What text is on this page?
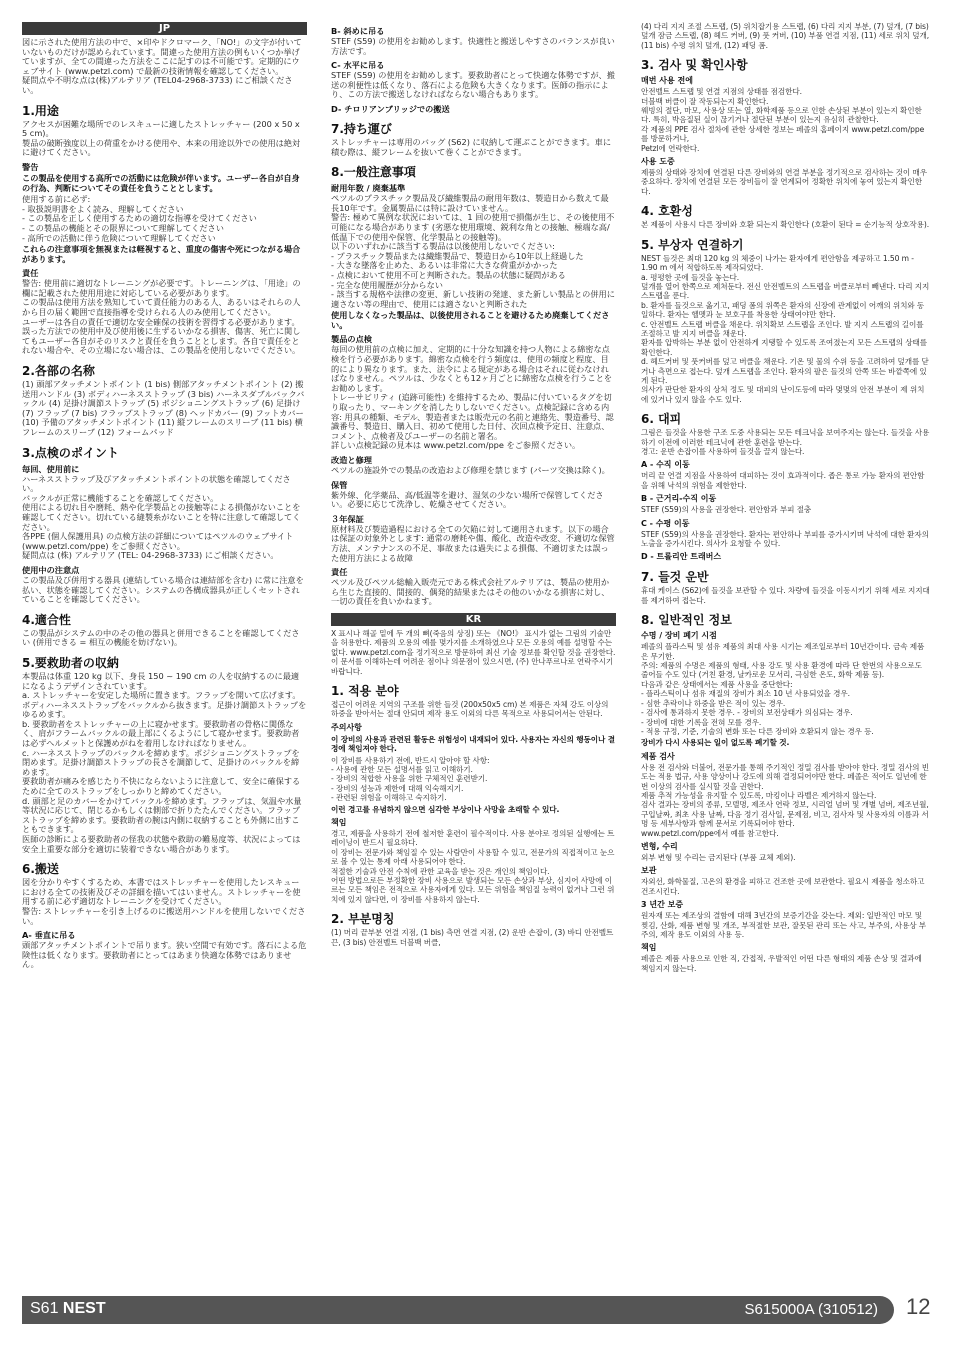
JP
図に示された使用方法の中で、×印やドクロマーク、「NO!」の文字が付いていないものだけが認められています。間違った使用方法の例もいくつか挙げていますが、全ての間違った方法をここに記すのは不可能です。定期的にウェブサイト (www.petzl.com) で最新の技術情報を確認してください。
疑問点や不明な点は(株)アルテリア (TEL04-2968-3733) にご相談ください。
1.用途
アクセスが困難な場所でのレスキューに適したストレッチャー (200 x 50 x 5 cm)。
製品の破断強度以上の荷重をかける使用や、本来の用途以外での使用は絶対に避けてください。
警告
この製品を使用する高所での活動には危険が伴います。ユーザー各自が自身の行為、判断についてその責任を負うこととします。
使用する前に必ず:
- 取扱説明書をよく読み、理解してください
- この製品を正しく使用するための適切な指導を受けてください
- この製品の機能とその限界について理解してください
- 高所での活動に伴う危険について理解してください
これらの注意事項を無視または軽視すると、重度の傷害や死につながる場合があります。
責任
警告: 使用前に適切なトレーニングが必要です。トレーニングは、「用途」の欄に記載された使用用途に対応している必要があります。
この製品は使用方法を熟知していて責任能力のある人、あるいはそれらの人から目の届く範囲で直接指導を受けられる人のみ使用してください。
ユーザーは各自の責任で適切な安全確保の技術を習得する必要があります。
誤った方法での使用中及び使用後に生ずるいかなる損害、傷害、死亡に関してもユーザー各自がそのリスクと責任を負うこととします。各自で責任をとれない場合や、その立場にない場合は、この製品を使用しないでください。
2.各部の名称
(1) 頭部アタッチメントポイント (1 bis) 側部アタッチメントポイント (2) 搬送用ハンドル (3) ボディハーネスストラップ (3 bis) ハーネスダブルバックバックル (4) 足掛け調節ストラップ (5) ポジショニングストラップ (6) 足掛け (7) フラップ (7 bis) フラップストラップ (8) ヘッドカバー (9) フットカバー (10) 予備のアタッチメントポイント (11) 縦フレームのスリーブ (11 bis) 横フレームのスリーブ (12) フォームパッド
3.点検のポイント
毎回、使用前に
ハーネスストラップ及びアタッチメントポイントの状態を確認してください。
バックルが正常に機能することを確認してください。
使用による切れ目や磨耗、熱や化学製品との接触等による損傷がないことを確認してください。切れている縫製糸がないことを特に注意して確認してください。
各PPE (個人保護用具) の点検方法の詳細についてはペツルのウェブサイト (www.petzl.com/ppe) をご参照ください。
疑問点は (株) アルテリア (TEL: 04-2968-3733) にご相談ください。
使用中の注意点
この製品及び併用する器具 (連結している場合は連結部を含む) に常に注意を払い、状態を確認してください。システムの各構成器具が正しくセットされていることを確認してください。
4.適合性
この製品がシステムの中のその他の器具と併用できることを確認してください (併用できる = 相互の機能を妨げない)。
5.要救助者の収納
本製品は体重 120 kg 以下、身長 150 ~ 190 cm の人を収納するのに最適になるようデザインされています。
a. ストレッチャーを安定した場所に置きます。フラップを開いて広げます。ボディハーネスストラップをバックルから抜きます。足掛け調節ストラップをゆるめます。
b. 要救助者をストレッチャーの上に寝かせます。要救助者の骨格に関係なく、肩がフラームバックルの最上部にくるようにして寝かせます。要救助者は必ずヘルメットと保護めがねを着用しなければなりません。
c. ハーネスストラップのバックルを締めます。ポジショニングストラップを閉めます。足掛け調節ストラップの長さを調節して、足掛けのバックルを締めます。
要救助者が痛みを感じたり不快にならないように注意して、安全に確保するために全てのストラップをしっかりと締めてください。
d. 頭部と足のカバーをかけてバックルを締めます。フラップは、気温や水量等状況に応じて、閉じるかもしくは側部で折りたたんでください。フラップストラップを締めます。要救助者の腕は内側に収納することも外側に出すこともできます。
医師の診断による要救助者の怪我の状態や救助の難易度等、状況によっては安全上重要な部分を適切に装着できない場合があります。
6.搬送
図を分かりやすくするため、本書ではストレッチャーを使用したレスキューにおける全ての技術及びその詳細を描いてはいません。ストレッチャーを使用する前に必ず適切なトレーニングを受けてください。
警告: ストレッチャーを引き上げるのに搬送用ハンドルを使用しないでください。
A- 垂直に吊る
頭部アタッチメントポイントで吊ります。狭い空間で有効です。落石による危険性は低くなります。要救助者にとってはあまり快適な体勢ではありません。
B- 斜めに吊る
STEF (S59) の使用をお勧めします。快適性と搬送しやすさのバランスが良い方法です。
C- 水平に吊る
STEF (S59) の使用をお勧めします。要救助者にとって快適な体勢ですが、搬送の利便性は低くなり、落石による危険も大きくなります。医師の指示により、この方法で搬送しなければならない場合もあります。
D- チロリアンブリッジでの搬送
7.持ち運び
ストレッチャーは専用のバッグ (S62) に収納して運ぶことができます。車に積む際は、縦フレームを抜いて巻くことができます。
8.一般注意事項
耐用年数 / 廃棄基準
ペツルのプラスチック製品及び繊維製品の耐用年数は、製造日から数えて最長10年です。金属製品には特に設けていません。
警告: 極めて異例な状況においては、1 回の使用で損傷が生じ、その後使用不可能になる場合があります (劣悪な使用環境、鋭利な角との接触、極端な高/低温下での使用や保管、化学製品との接触等)。
以下のいずれかに該当する製品は以後使用しないでください:
- プラスチック製品または繊維製品で、製造日から10年以上経過した
- 大きな墜落を止めた、あるいは非常に大きな荷重がかかった
- 点検において使用不可と判断された。製品の状態に疑問がある
- 完全な使用履歴が分からない
- 該当する規格や法律の変更、新しい技術の発達、また新しい製品との併用に適さない等の理由で、使用には適さないと判断された
使用しなくなった製品は、以後使用されることを避けるため廃棄してください。
製品の点検
毎回の使用前の点検に加え、定期的に十分な知識を持つ人物による綿密な点検を行う必要があります。綿密な点検を行う頻度は、使用の頻度と程度、目的により異なります。また、法令による規定がある場合はそれに従わなければなりません。ペツルは、少なくとも12ヶ月ごとに綿密な点検を行うことをお勧めします。
トレーサビリティ (追跡可能性) を維持するため、製品に付いているタグを切り取ったり、マーキングを消したりしないでください。点検記録に含める内容: 用具の種類、モデル、製造者または販売元の名前と連絡先、製造番号、認識番号、製造日、購入日、初めて使用した日付、次回点検予定日、注意点、コメント、点検者及びユーザーの名前と署名。
詳しい点検記録の見本は www.petzl.com/ppe をご参照ください。
改造と修理
ペツルの施設外での製品の改造および修理を禁じます (パーツ交換は除く)。
保管
紫外線、化学薬品、高/低温等を避け、湿気の少ない場所で保管してください。必要に応じて洗浄し、乾燥させてください。
３年保証
原材料及び製造過程における全ての欠陥に対して適用されます。以下の場合は保証の対象外とします: 通常の磨耗や傷、酸化、改造や改変、不適切な保管方法、メンテナンスの不足、事故または過失による損傷、不適切または誤った使用方法による故障
責任
ペツル及びペツル総輸入販売元である株式会社アルテリアは、製品の使用から生じた直接的、間接的、偶発的結果またはその他のいかなる損害に対し、一切の責任を負いかねます。
KR
X 표시나 해골 밑에 두 개의 뼈(죽음의 상징) 또는 《NO!》 표시가 없는 그림의 기술만을 허용한다. 제품의 오용의 예를 몇가지를 소개하였으나 모든 오용의 예를 설명할 수는 없다. www.petzl.com을 정기적으로 방문하여 최신 기술 정보를 확인할 것을 권장한다.
이 문서를 이해하는데 어려운 점이나 의문점이 있으시면, (주) 안나푸르나로 연락주시기 바랍니다.
1. 적용 분야
접근이 어려운 지역의 구조를 위한 들것 (200x50x5 cm) 본 제품은 자체 강도 이상의 하중을 받아서는 절대 안되며 제작 용도 이외의 다른 목적으로 사용되어서는 안된다.
주의사항
이 장비의 사용과 관련된 활동은 위험성이 내재되어 있다. 사용자는 자신의 행동이나 결정에 책임져야 한다.
이 장비를 사용하기 전에, 반드시 알아야 할 사항:
- 사용에 관한 모든 설명서를 읽고 이해하기.
- 장비의 적합한 사용을 위한 구체적인 훈련받기.
- 장비의 성능과 제한에 대해 익숙해지기.
- 관련된 위험을 이해하고 숙지하기.
이런 경고를 유념하지 않으면 심각한 부상이나 사망을 초래할 수 있다.
책임
경고, 제품을 사용하기 전에 철저한 훈련이 필수적이다. 사용 분야로 정의된 실행에는 트레이닝이 반드시 필요하다.
이 장비는 전문가와 책임질 수 있는 사람만이 사용할 수 있고, 전문가의 직접적이고 눈으로 볼 수 있는 통제 아래 사용되어야 한다.
적절한 기술과 안전 수칙에 관한 교육을 받는 것은 개인의 책임이다.
어떤 방법으로든 부정확한 장비 사용으로 발생되는 모든 손상과 부상, 심지어 사망에 이르는 모든 책임은 전적으로 사용자에게 있다. 모든 위험을 책임질 능력이 없거나 그런 위치에 있지 않다면, 이 장비를 사용하지 않는다.
2. 부분명칭
(1) 머리 끝부분 연결 지점, (1 bis) 측면 연결 지점, (2) 운반 손잡이, (3) 바디 안전벨트 끈, (3 bis) 안전벨트 더블백 버클,
(4) 다리 지지 조절 스트랩, (5) 위치잡기용 스트랩, (6) 다리 지지 부분, (7) 덮개, (7 bis) 덮개 잠금 스트랩, (8) 헤드 커버, (9) 풋 커버, (10) 부품 연결 지점, (11) 세로 위치 덮개, (11 bis) 수평 위치 덮개, (12) 패딩 폼.
3. 검사 및 확인사항
매번 사용 전에
안전벨트 스트랩 및 연결 지점의 상태를 점검한다.
더블백 버클이 잘 작동되는지 확인한다.
웨빙의 절단, 마모, 사용상 또는 열, 화학제품 등으로 인한 손상된 부분이 있는지 확인한다. 특히, 박음질된 실이 끊기거나 절단된 부분이 있는지 유심히 관찰한다.
각 제품의 PPE 검사 절차에 관한 상세한 정보는 페졸의 홈페이지 www.petzl.com/ppe를 방문하거나,
Petzl에 연락한다.
사용 도중
제품의 상태와 장치에 연결된 다른 장비와의 연결 부분을 정기적으로 검사하는 것이 매우 중요하다. 장치에 연결된 모든 장비들이 잘 연계되어 정확한 위치에 놓여 있는지 확인한다.
4. 호환성
본 제품이 사용시 다른 장비와 호환 되는지 확인한다 (호환이 된다 = 순기능적 상호작용).
5. 부상자 연결하기
NEST 들것은 최대 120 kg 의 체중이 나가는 환자에게 편안함을 제공하고 1.50 m - 1.90 m 에서 적합하도록 제작되었다.
a. 평평한 곳에 들것을 놓는다.
덮개를 열어 한쪽으로 제쳐둔다. 전신 안전벨트의 스트랩을 버클로부터 빼낸다. 다리 지지 스트랩을 푼다.
b. 환자를 들것으로 옮기고, 패딩 폼의 위쪽은 환자의 신장에 관계없이 어깨의 위치와 동일하다. 환자는 헬멧과 눈 보호구를 착용한 상태여야만 한다.
c. 안전벨트 스트랩 버클을 채운다. 위치확보 스트랩을 조인다. 발 지지 스트랩의 길이를 조절하고 발 지지 버클을 채운다.
환자를 압박하는 부분 없이 안전하게 지탱할 수 있도록 조여졌는지 모든 스트랩의 상태를 확인한다.
d. 헤드커버 및 풋커버를 덮고 버클을 채운다. 기온 및 물의 수위 등을 고려하여 덮개를 닫거나 측면으로 접는다. 덮개 스트랩을 조인다. 환자의 팔은 들것의 안쪽 또는 바깥쪽에 있게 된다.
의사가 판단한 환자의 상처 정도 및 대피의 난이도등에 따라 몇몇의 안전 부분이 제 위치에 있거나 있지 않을 수도 있다.
6. 대피
그림은 들것을 사용한 구조 도중 사용되는 모든 테크닉을 보여주지는 않는다. 들것을 사용하기 이전에 이러한 테크닉에 관한 훈련을 받는다.
경고: 운반 손잡이를 사용하여 들것을 끌지 않는다.
A - 수직 이동
머리 끝 연결 지점을 사용하여 대피하는 것이 효과적이다. 좁은 통로 가능 환자의 편안함을 위해 낙석의 위험을 제한한다.
B - 근거리-수직 이동
STEF (S59)의 사용을 권장한다. 편안함과 부피 절충
C - 수평 이동
STEF (S59)의 사용을 권장한다. 환자는 편안하나 부피를 증가시키며 낙석에 대한 환자의 노출을 증가시킨다. 의사가 요청할 수 있다.
D - 트롤리안 트래버스
7. 들것 운반
휴대 케이스 (S62)에 들것을 보관할 수 있다. 차량에 들것을 이동시키기 위해 세로 지지대를 제거하여 접는다.
8. 일반적인 정보
수명 / 장비 폐기 시점
페졸의 플라스틱 및 섬유 제품의 최대 사용 시기는 제조일로부터 10년간이다. 금속 제품은 무기한.
주의: 제품의 수명은 제품의 형태, 사용 강도 및 사용 환경에 따라 단 한번의 사용으로도 줄어들 수도 있다 (거친 환경, 날카로운 모서리, 극심한 온도, 화학 제품 등).
다음과 같은 상태에서는 제품 사용을 중단한다:
- 플라스틱이나 섬유 재질의 장비가 최소 10 년 사용되었을 경우.
- 심한 추락이나 하중을 받은 적이 있는 경우.
- 검사에 통과하지 못한 경우. - 장비의 보전상태가 의심되는 경우.
- 장비에 대한 기록을 전혀 모를 경우.
- 적용 규정, 기준, 기술의 변화 또는 다른 장비와 호환되지 않는 경우 등.
장비가 다시 사용되는 일이 없도록 폐기할 것.
제품 검사
사용 전 검사와 더불어, 전문가를 통해 주기적인 정밀 검사를 받아야 한다. 정밀 검사의 빈도는 적용 법규, 사용 양상이나 강도에 의해 결정되어야만 한다. 페졸은 적어도 일년에 한번 이상의 검사를 실시할 것을 권한다.
제품 추적 가능성을 유지할 수 있도록, 마킹이나 라벨은 제거하지 않는다.
검사 결과는 장비의 종류, 모델명, 제조사 연락 정보, 시리얼 넘버 및 개별 넘버, 제조년월, 구입날짜, 최초 사용 날짜, 다음 정기 검사일, 문제점, 비고, 검사자 및 사용자의 이름과 서명 등 세부사항과 함께 문서로 기록되어야 한다.
www.petzl.com/ppe에서 예를 참고한다.
변형, 수리
외부 변형 및 수리는 금지된다 (부품 교체 제외).
보관
자외선, 화학물질, 고온의 환경을 피하고 건조한 곳에 보관한다. 필요시 제품을 청소하고 건조시킨다.
3 년간 보증
원자재 또는 제조상의 결함에 대해 3년간의 보증기간을 갖는다. 제외: 일반적인 마모 및 찢김, 산화, 제품 변형 및 개조, 부적절한 보관, 잘못된 관리 또는 사고, 부주의, 사용상 부주의, 제작 용도 이외의 사용 등.
책임
페졸은 제품 사용으로 인한 직, 간접적, 우발적인 어떤 다른 형태의 제품 손상 및 결과에 책임지지 않는다.
S61 NEST	S615000A (310512) 12
